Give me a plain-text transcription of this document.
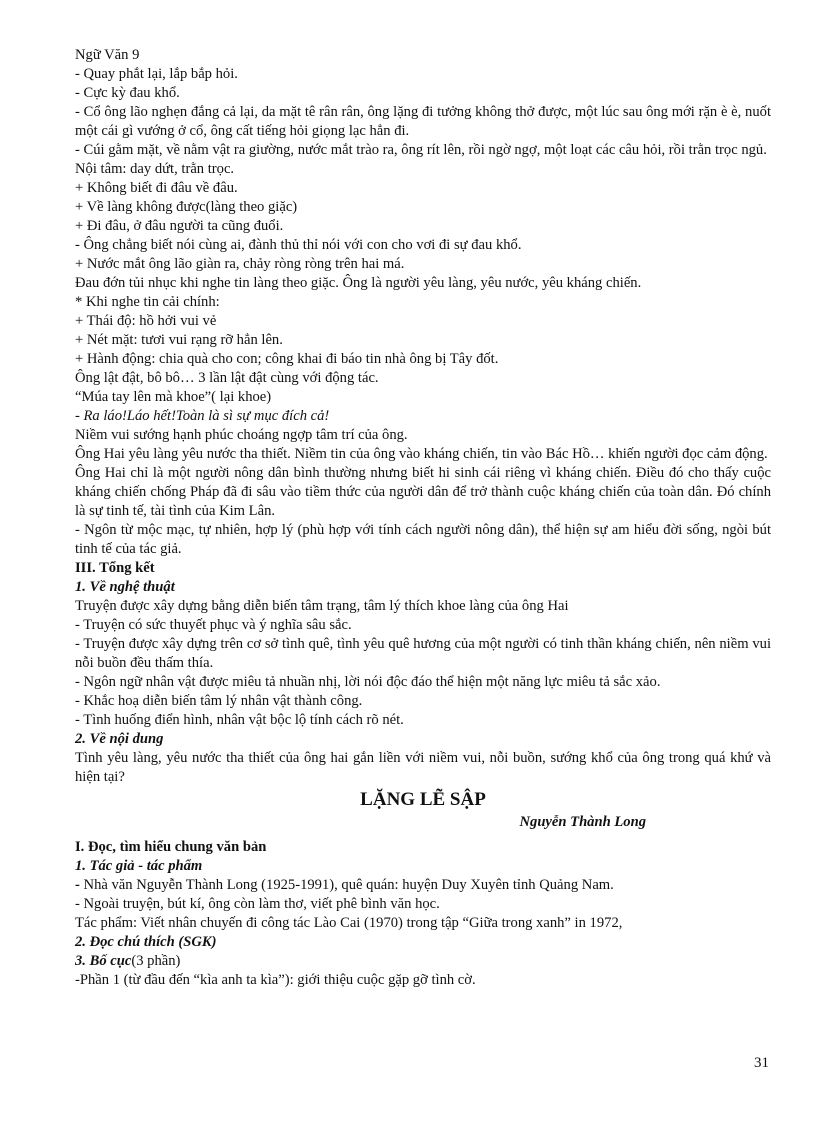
Ngữ Văn 9

- Quay phắt lại, lắp bắp hỏi.

- Cực kỳ đau khổ.

- Cổ ông lão nghẹn đắng cả lại, da mặt tê rân rân, ông lặng đi tưởng không thở được, một lúc sau ông mới rặn è è, nuốt một cái gì vướng ở cổ, ông cất tiếng hỏi giọng lạc hẳn đi.

- Cúi gằm mặt, về nằm vật ra giường, nước mắt trào ra, ông rít lên, rồi ngờ ngợ, một loạt các câu hỏi, rồi trằn trọc ngủ.

Nội tâm: day dứt, trằn trọc.

+ Không biết đi đâu về đâu.

+ Về làng không được(làng theo giặc)

+ Đi đâu, ở đâu người ta cũng đuổi.

- Ông chẳng biết nói cùng ai, đành thủ thỉ nói với con cho vơi đi sự đau khổ.

+ Nước mắt ông lão giàn ra, chảy ròng ròng trên hai má.

Đau đớn tủi nhục khi nghe tin làng theo giặc. Ông là người yêu làng, yêu nước, yêu kháng chiến.

* Khi nghe tin cải chính:

+ Thái độ: hồ hởi vui vẻ

+ Nét mặt: tươi vui rạng rỡ hẳn lên.

+ Hành động: chia quà cho con; công khai đi báo tin nhà ông bị Tây đốt.

Ông lật đật, bô bô… 3 lần lật đật cùng với động tác.

“Múa tay lên mà khoe”( lại khoe)

- Ra láo!Láo hết!Toàn là sì sự mục đích cả!

Niềm vui sướng hạnh phúc choáng ngợp tâm trí của ông.

Ông Hai yêu làng yêu nước tha thiết. Niềm tin của ông vào kháng chiến, tin vào Bác Hồ… khiến người đọc cảm động.

Ông Hai chỉ là một người nông dân bình thường nhưng biết hi sinh cái riêng vì kháng chiến. Điều đó cho thấy cuộc kháng chiến chống Pháp đã đi sâu vào tiềm thức của người dân để trở thành cuộc kháng chiến của toàn dân. Đó chính là sự tinh tế, tài tình của Kim Lân.

- Ngôn từ mộc mạc, tự nhiên, hợp lý (phù hợp với tính cách người nông dân), thể hiện sự am hiểu đời sống, ngòi bút tinh tế của tác giả.

III. Tổng kết

1. Về nghệ thuật

Truyện được xây dựng bằng diễn biến tâm trạng, tâm lý thích khoe làng của ông Hai

- Truyện có sức thuyết phục và ý nghĩa sâu sắc.

- Truyện được xây dựng trên cơ sở tình quê, tình yêu quê hương của một người có tinh thần kháng chiến, nên niềm vui nỗi buồn đều thấm thía.

- Ngôn ngữ nhân vật được miêu tả nhuần nhị, lời nói độc đáo thể hiện một năng lực miêu tả sắc xảo.

- Khắc hoạ diễn biến tâm lý nhân vật thành công.

- Tình huống điển hình, nhân vật bộc lộ tính cách rõ nét.

2. Về nội dung

Tình yêu làng, yêu nước tha thiết của ông hai gắn liền với niềm vui, nỗi buồn, sướng khổ của ông trong quá khứ và hiện tại?

LẶNG LẼ SẬP

Nguyễn Thành Long

I. Đọc, tìm hiểu chung văn bản

1. Tác giả - tác phẩm

- Nhà văn Nguyễn Thành Long (1925-1991), quê quán: huyện Duy Xuyên tỉnh Quảng Nam.

- Ngoài truyện, bút kí, ông còn làm thơ, viết phê bình văn học.

Tác phẩm: Viết nhân chuyến đi công tác Lào Cai (1970) trong tập “Giữa trong xanh” in 1972,

2. Đọc chú thích (SGK)

3. Bố cục(3 phần)

-Phần 1 (từ đầu đến “kìa anh ta kìa”): giới thiệu cuộc gặp gỡ tình cờ.

31
